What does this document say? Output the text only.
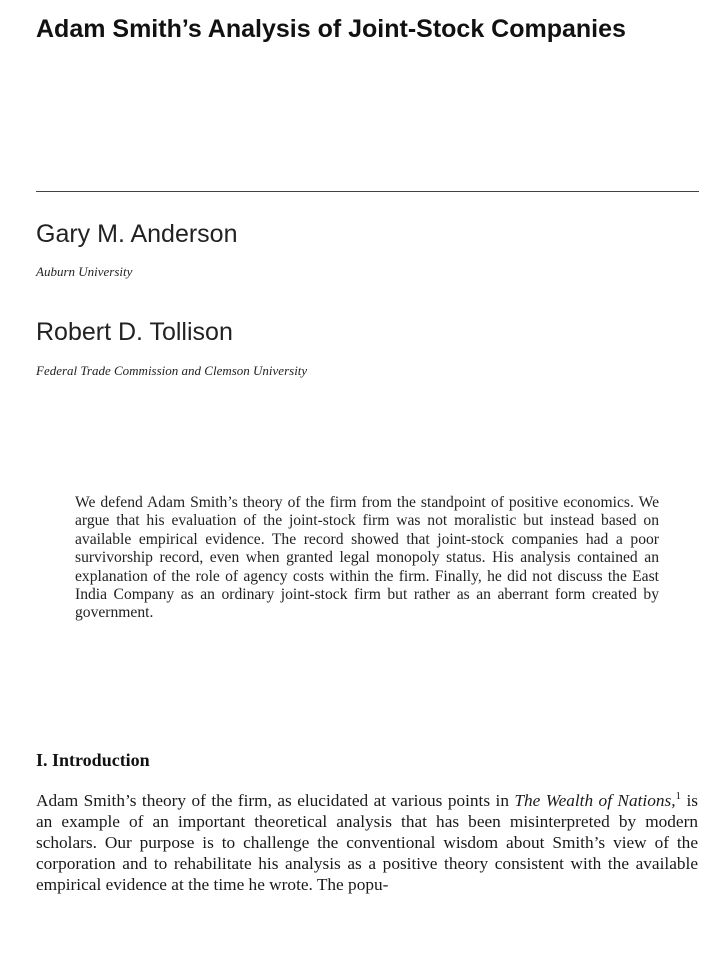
Adam Smith’s Analysis of Joint-Stock Companies
Gary M. Anderson

Auburn University

Robert D. Tollison

Federal Trade Commission and Clemson University

We defend Adam Smith’s theory of the firm from the standpoint of positive economics. We argue that his evaluation of the joint-stock firm was not moralistic but instead based on available empirical evidence. The record showed that joint-stock companies had a poor survivorship record, even when granted legal monopoly status. His analysis contained an explanation of the role of agency costs within the firm. Finally, he did not discuss the East India Company as an ordinary joint-stock firm but rather as an aberrant form created by government.

I. Introduction

Adam Smith’s theory of the firm, as elucidated at various points in The Wealth of Nations,$^1$ is an example of an important theoretical analysis that has been misinterpreted by modern scholars. Our purpose is to challenge the conventional wisdom about Smith’s view of the corporation and to rehabilitate his analysis as a positive theory consistent with the available empirical evidence at the time he wrote. The popu-
